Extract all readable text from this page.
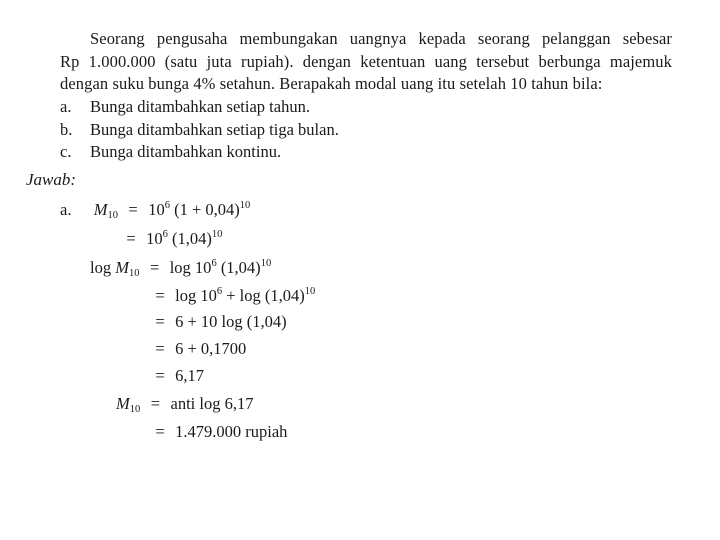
Seorang pengusaha membungakan uangnya kepada seorang pelanggan sebesar
Rp 1.000.000 (satu juta rupiah). dengan ketentuan uang tersebut berbunga majemuk
dengan suku bunga 4% setahun. Berapakah modal uang itu setelah 10 tahun bila:
a.	Bunga ditambahkan setiap tahun.
b.	Bunga ditambahkan setiap tiga bulan.
c.	Bunga ditambahkan kontinu.
Jawab:
a. $M_{10} = 10^6$ $(1 + 0,04)^{10}$
= $10^6$ $(1,04)^{10}$
$\log M_{10} = \log 10^6$ $(1,04)^{10}$
= $\log 10^6 + \log (1,04)^{10}$
= 6 + 10 log (1,04)
= 6 + 0,1700
= 6,17
$M_{10}$ = anti log 6,17
= 1.479.000 rupiah
